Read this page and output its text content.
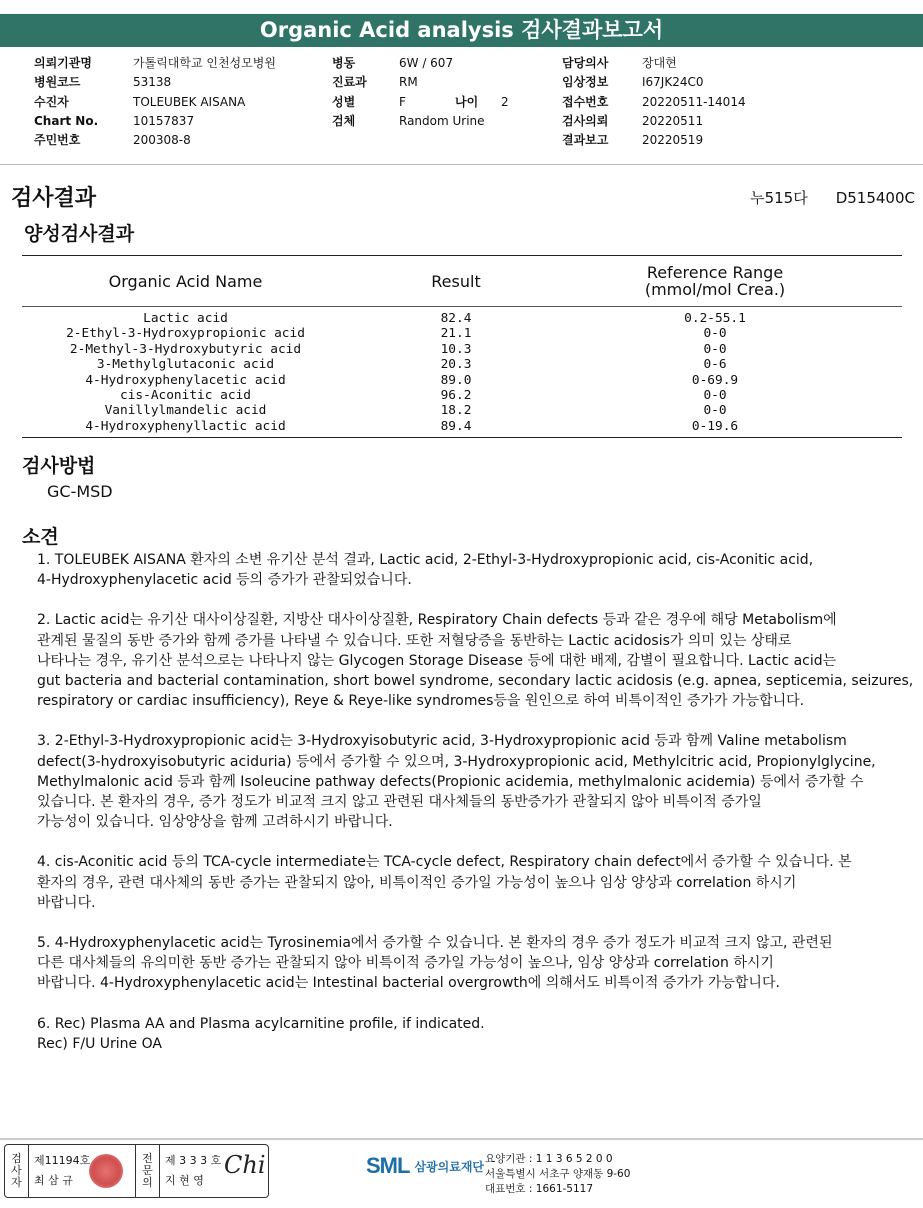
Organic Acid analysis 검사결과보고서
의뢰기관명	가톨릭대학교 인천성모병원
병원코드	53138
수진자	TOLEUBEK AISANA
Chart No.	10157837
주민번호	200308-8
병동	6W / 607
진료과	RM
성별	F	나이	2
검체	Random Urine
담당의사	장대현
임상정보	I67JK24C0
접수번호	20220511-14014
검사의뢰	20220511
결과보고	20220519
검사결과	누515다 D515400C
양성검사결과
Organic Acid Name	Result	Reference Range
(mmol/mol Crea.)
Lactic acid	82.4	0.2-55.1
2-Ethyl-3-Hydroxypropionic acid	21.1	0-0
2-Methyl-3-Hydroxybutyric acid	10.3	0-0
3-Methylglutaconic acid	20.3	0-6
4-Hydroxyphenylacetic acid	89.0	0-69.9
cis-Aconitic acid	96.2	0-0
Vanillylmandelic acid	18.2	0-0
4-Hydroxyphenyllactic acid	89.4	0-19.6
검사방법
GC-MSD
소견

1. TOLEUBEK AISANA 환자의 소변 유기산 분석 결과, Lactic acid, 2-Ethyl-3-Hydroxypropionic acid, cis-Aconitic acid,

4-Hydroxyphenylacetic acid 등의 증가가 관찰되었습니다.

2. Lactic acid는 유기산 대사이상질환, 지방산 대사이상질환, Respiratory Chain defects 등과 같은 경우에 해당 Metabolism에

관계된 물질의 동반 증가와 함께 증가를 나타낼 수 있습니다. 또한 저혈당증을 동반하는 Lactic acidosis가 의미 있는 상태로

나타나는 경우, 유기산 분석으로는 나타나지 않는 Glycogen Storage Disease 등에 대한 배제, 감별이 필요합니다. Lactic acid는

gut bacteria and bacterial contamination, short bowel syndrome, secondary lactic acidosis (e.g. apnea, septicemia, seizures,

respiratory or cardiac insufficiency), Reye & Reye-like syndromes등을 원인으로 하여 비특이적인 증가가 가능합니다.

3. 2-Ethyl-3-Hydroxypropionic acid는 3-Hydroxyisobutyric acid, 3-Hydroxypropionic acid 등과 함께 Valine metabolism

defect(3-hydroxyisobutyric aciduria) 등에서 증가할 수 있으며, 3-Hydroxypropionic acid, Methylcitric acid, Propionylglycine,

Methylmalonic acid 등과 함께 Isoleucine pathway defects(Propionic acidemia, methylmalonic acidemia) 등에서 증가할 수

있습니다. 본 환자의 경우, 증가 정도가 비교적 크지 않고 관련된 대사체들의 동반증가가 관찰되지 않아 비특이적 증가일

가능성이 있습니다. 임상양상을 함께 고려하시기 바랍니다.

4. cis-Aconitic acid 등의 TCA-cycle intermediate는 TCA-cycle defect, Respiratory chain defect에서 증가할 수 있습니다. 본

환자의 경우, 관련 대사체의 동반 증가는 관찰되지 않아, 비특이적인 증가일 가능성이 높으나 임상 양상과 correlation 하시기

바랍니다.

5. 4-Hydroxyphenylacetic acid는 Tyrosinemia에서 증가할 수 있습니다. 본 환자의 경우 증가 정도가 비교적 크지 않고, 관련된

다른 대사체들의 유의미한 동반 증가는 관찰되지 않아 비특이적 증가일 가능성이 높으나, 임상 양상과 correlation 하시기

바랍니다. 4-Hydroxyphenylacetic acid는 Intestinal bacterial overgrowth에 의해서도 비특이적 증가가 가능합니다.

6. Rec) Plasma AA and Plasma acylcarnitine profile, if indicated.

Rec) F/U Urine OA

검
사
자
제11194호
최 삼 규
전
문
의
제 3 3 3 호
지 현 영
Chi	SML 삼광의료재단
요양기관 : 1 1 3 6 5 2 0 0
서울특별시 서초구 양재동 9-60
대표번호 : 1661-5117
